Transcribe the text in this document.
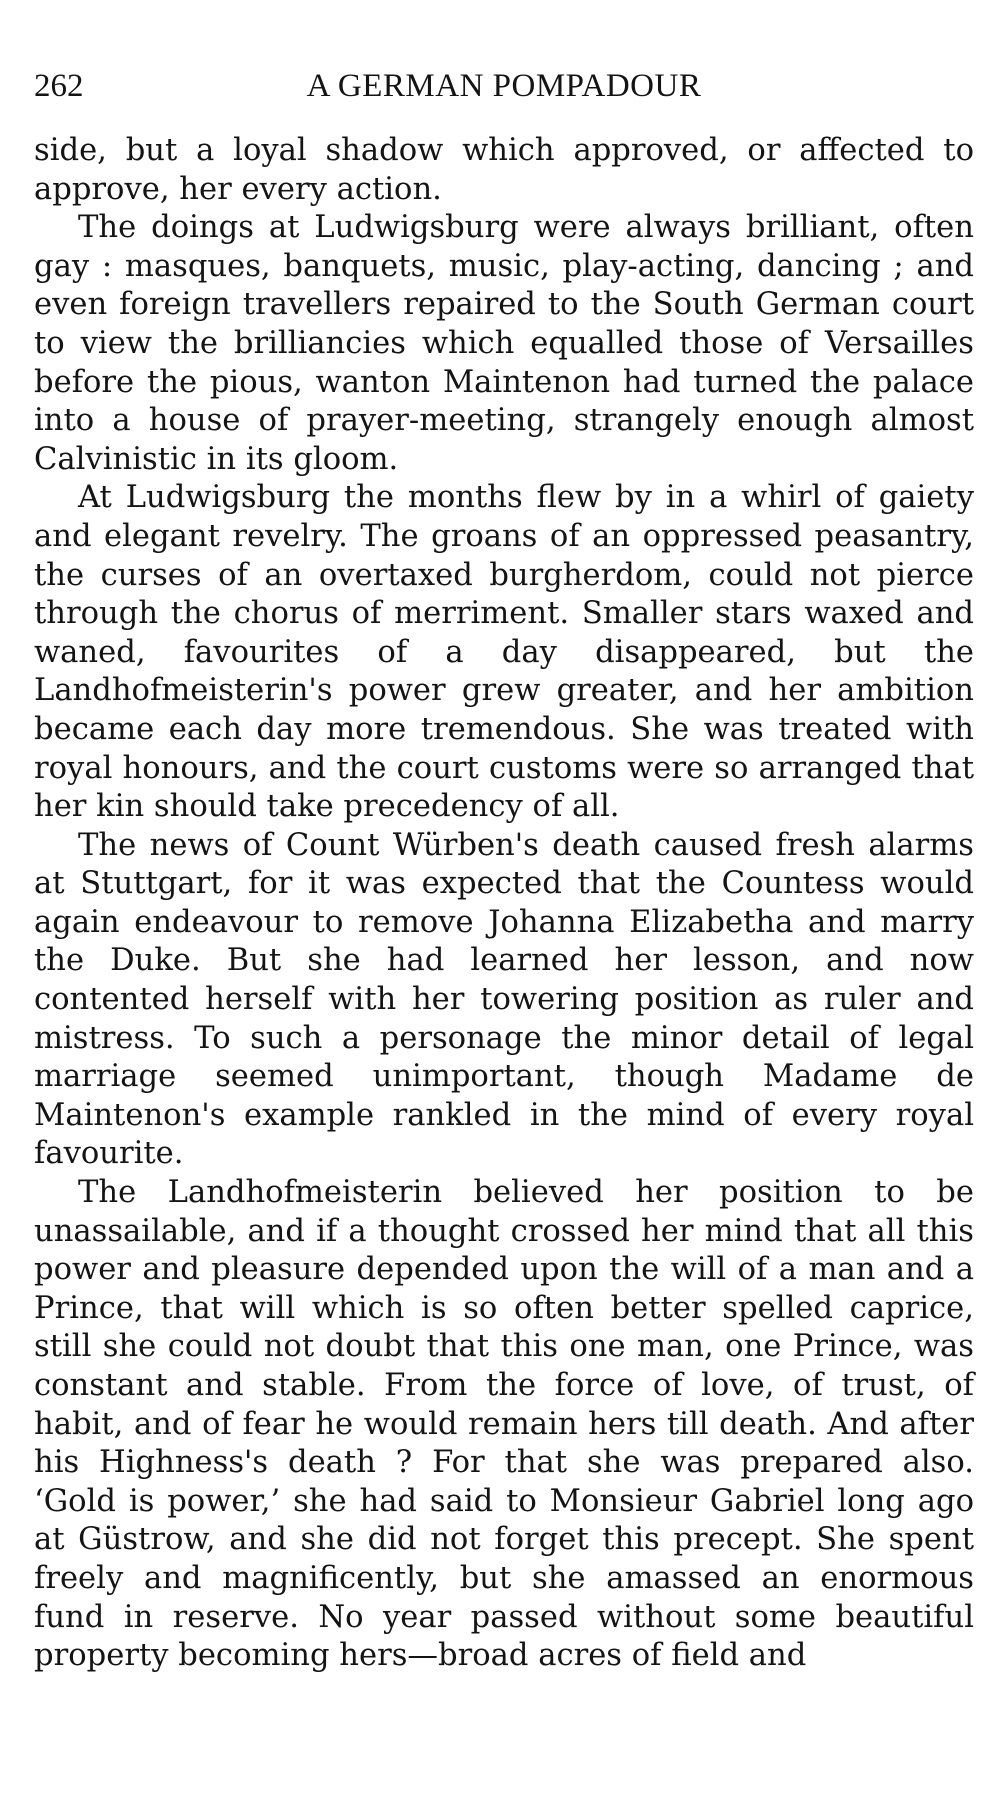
262	A GERMAN POMPADOUR

side, but a loyal shadow which approved, or affected to approve, her every action.

The doings at Ludwigsburg were always brilliant, often gay : masques, banquets, music, play-acting, dancing ; and even foreign travellers repaired to the South German court to view the brilliancies which equalled those of Versailles before the pious, wanton Maintenon had turned the palace into a house of prayer-meeting, strangely enough almost Calvinistic in its gloom.

At Ludwigsburg the months flew by in a whirl of gaiety and elegant revelry. The groans of an oppressed peasantry, the curses of an overtaxed burgherdom, could not pierce through the chorus of merriment. Smaller stars waxed and waned, favourites of a day disappeared, but the Landhofmeisterin's power grew greater, and her ambition became each day more tremendous. She was treated with royal honours, and the court customs were so arranged that her kin should take precedency of all.

The news of Count Würben's death caused fresh alarms at Stuttgart, for it was expected that the Countess would again endeavour to remove Johanna Elizabetha and marry the Duke. But she had learned her lesson, and now contented herself with her towering position as ruler and mistress. To such a personage the minor detail of legal marriage seemed unimportant, though Madame de Maintenon's example rankled in the mind of every royal favourite.

The Landhofmeisterin believed her position to be unassailable, and if a thought crossed her mind that all this power and pleasure depended upon the will of a man and a Prince, that will which is so often better spelled caprice, still she could not doubt that this one man, one Prince, was constant and stable. From the force of love, of trust, of habit, and of fear he would remain hers till death. And after his Highness's death ? For that she was prepared also. ‘Gold is power,’ she had said to Monsieur Gabriel long ago at Güstrow, and she did not forget this precept. She spent freely and magnificently, but she amassed an enormous fund in reserve. No year passed without some beautiful property becoming hers—broad acres of field and
